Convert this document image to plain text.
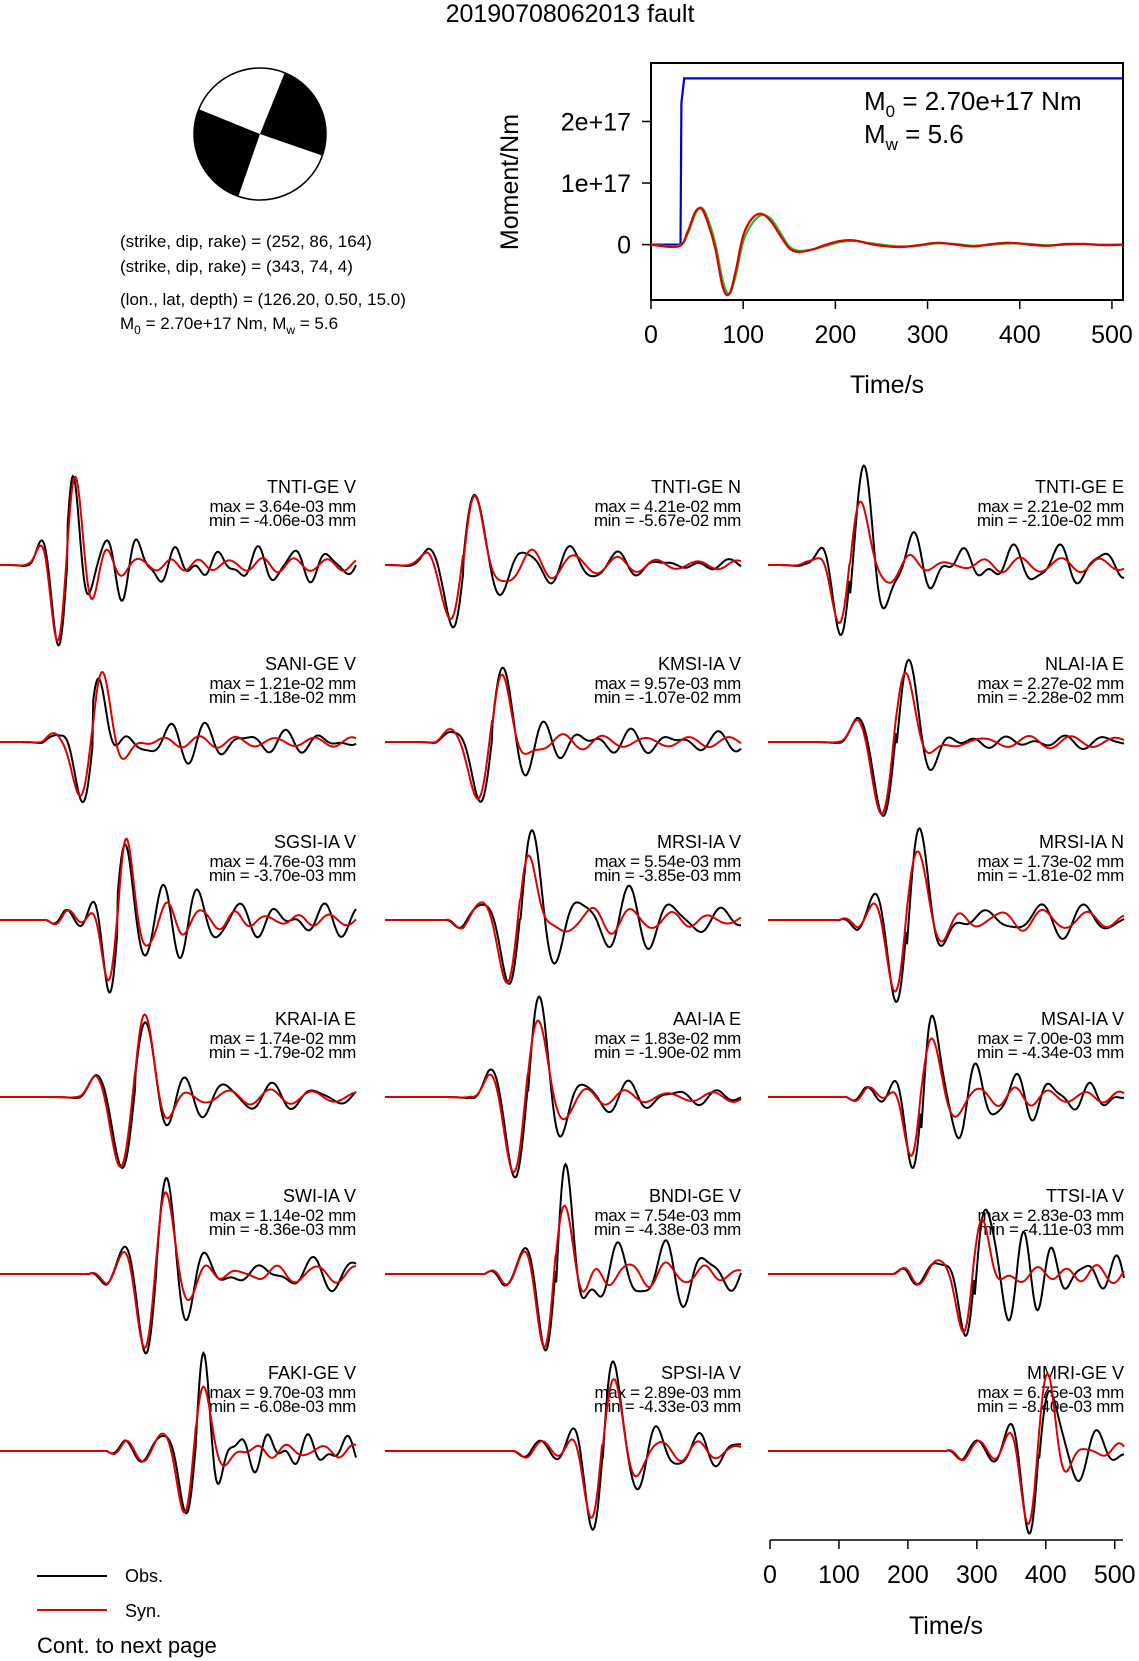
20190708062013 fault
(strike, dip, rake) = (252, 86, 164)
(strike, dip, rake) = (343, 74, 4)
(lon., lat, depth) = (126.20, 0.50, 15.0)
$M_0 = 2.70e+17$ Nm, $M_w = 5.6$	0	100 200 300 400 500
0
1e+17
2e+17
$M_0 = 2.70e+17$ Nm
$M_w = 5.6$
Time/s
Moment/Nm
TNTI-GE V
max = 3.64e-03 mm
min = -4.06e-03 mm
TNTI-GE N
max = 4.21e-02 mm
min = -5.67e-02 mm
TNTI-GE E
max = 2.21e-02 mm
min = -2.10e-02 mm
SANI-GE V
max = 1.21e-02 mm
min = -1.18e-02 mm
KMSI-IA V
max = 9.57e-03 mm
min = -1.07e-02 mm
NLAI-IA E
max = 2.27e-02 mm
min = -2.28e-02 mm
SGSI-IA V
max = 4.76e-03 mm
min = -3.70e-03 mm
MRSI-IA V
max = 5.54e-03 mm
min = -3.85e-03 mm
MRSI-IA N
max = 1.73e-02 mm
min = -1.81e-02 mm
KRAI-IA E
max = 1.74e-02 mm
min = -1.79e-02 mm
AAI-IA E
max = 1.83e-02 mm
min = -1.90e-02 mm
MSAI-IA V
max = 7.00e-03 mm
min = -4.34e-03 mm
SWI-IA V
max = 1.14e-02 mm
min = -8.36e-03 mm
BNDI-GE V
max = 7.54e-03 mm
min = -4.38e-03 mm
TTSI-IA V
max = 2.83e-03 mm
min = -4.11e-03 mm
FAKI-GE V
max = 9.70e-03 mm
min = -6.08e-03 mm
SPSI-IA V
max = 2.89e-03 mm
min = -4.33e-03 mm
MMRI-GE V
max = 6.75e-03 mm
min = -8.40e-03 mm
0 100 200 300 400 500
Time/s
Obs.
Syn.
Cont. to next page
